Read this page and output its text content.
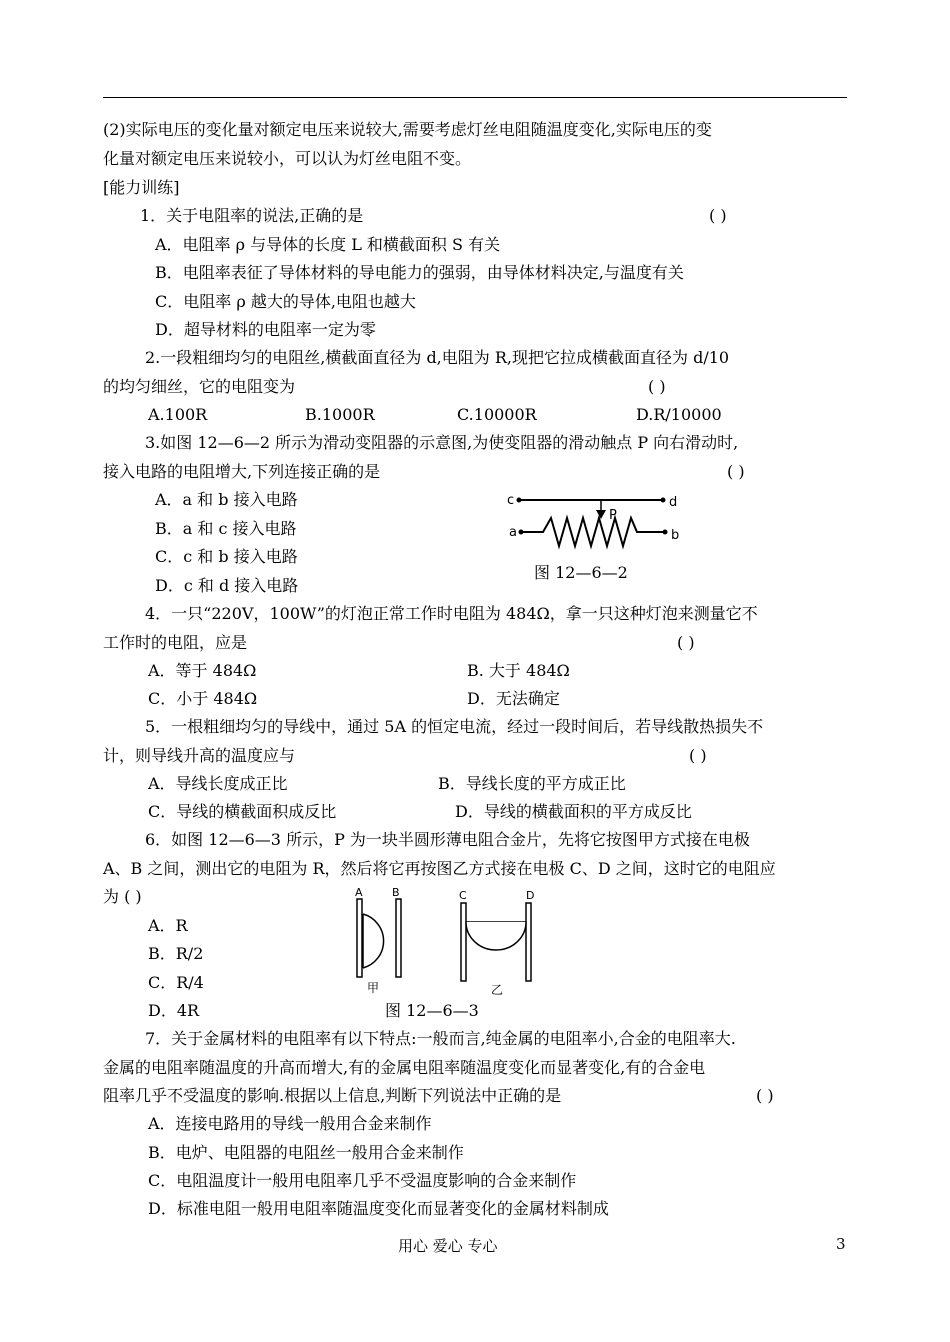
(2)实际电压的变化量对额定电压来说较大,需要考虑灯丝电阻随温度变化,实际电压的变
化量对额定电压来说较小，可以认为灯丝电阻不变。
[能力训练]
1．关于电阻率的说法,正确的是	( )
A．电阻率 ρ 与导体的长度 L 和横截面积 S 有关
B．电阻率表征了导体材料的导电能力的强弱，由导体材料决定,与温度有关
C．电阻率 ρ 越大的导体,电阻也越大
D．超导材料的电阻率一定为零
2.一段粗细均匀的电阻丝,横截面直径为 d,电阻为 R,现把它拉成横截面直径为 d/10
的均匀细丝，它的电阻变为	( )
A.100R	B.1000R	C.10000R	D.R/10000
3.如图 12—6—2 所示为滑动变阻器的示意图,为使变阻器的滑动触点 P 向右滑动时,
接入电路的电阻增大,下列连接正确的是	( )
A．a 和 b 接入电路
B．a 和 c 接入电路
C．c 和 b 接入电路
D．c 和 d 接入电路
c	d
a	b
P
图 12—6—2
4．一只“220V，100W”的灯泡正常工作时电阻为 484Ω，拿一只这种灯泡来测量它不
工作时的电阻，应是	( )
A．等于 484Ω	B. 大于 484Ω
C．小于 484Ω	D．无法确定
5．一根粗细均匀的导线中，通过 5A 的恒定电流，经过一段时间后，若导线散热损失不
计，则导线升高的温度应与	( )
A．导线长度成正比	B．导线长度的平方成正比
C．导线的横截面积成反比	D．导线的横截面积的平方成反比
6．如图 12—6—3 所示，P 为一块半圆形薄电阻合金片，先将它按图甲方式接在电极
A、B 之间，测出它的电阻为 R，然后将它再按图乙方式接在电极 C、D 之间，这时它的电阻应
为 ( )
A．R
B．R/2
C．R/4
D．4R
A	B
甲
C	D
乙
图 12—6—3
7．关于金属材料的电阻率有以下特点:一般而言,纯金属的电阻率小,合金的电阻率大.
金属的电阻率随温度的升高而增大,有的金属电阻率随温度变化而显著变化,有的合金电
阻率几乎不受温度的影响.根据以上信息,判断下列说法中正确的是	( )
A．连接电路用的导线一般用合金来制作
B．电炉、电阻器的电阻丝一般用合金来制作
C．电阻温度计一般用电阻率几乎不受温度影响的合金来制作
D．标准电阻一般用电阻率随温度变化而显著变化的金属材料制成
用心 爱心 专心	3
